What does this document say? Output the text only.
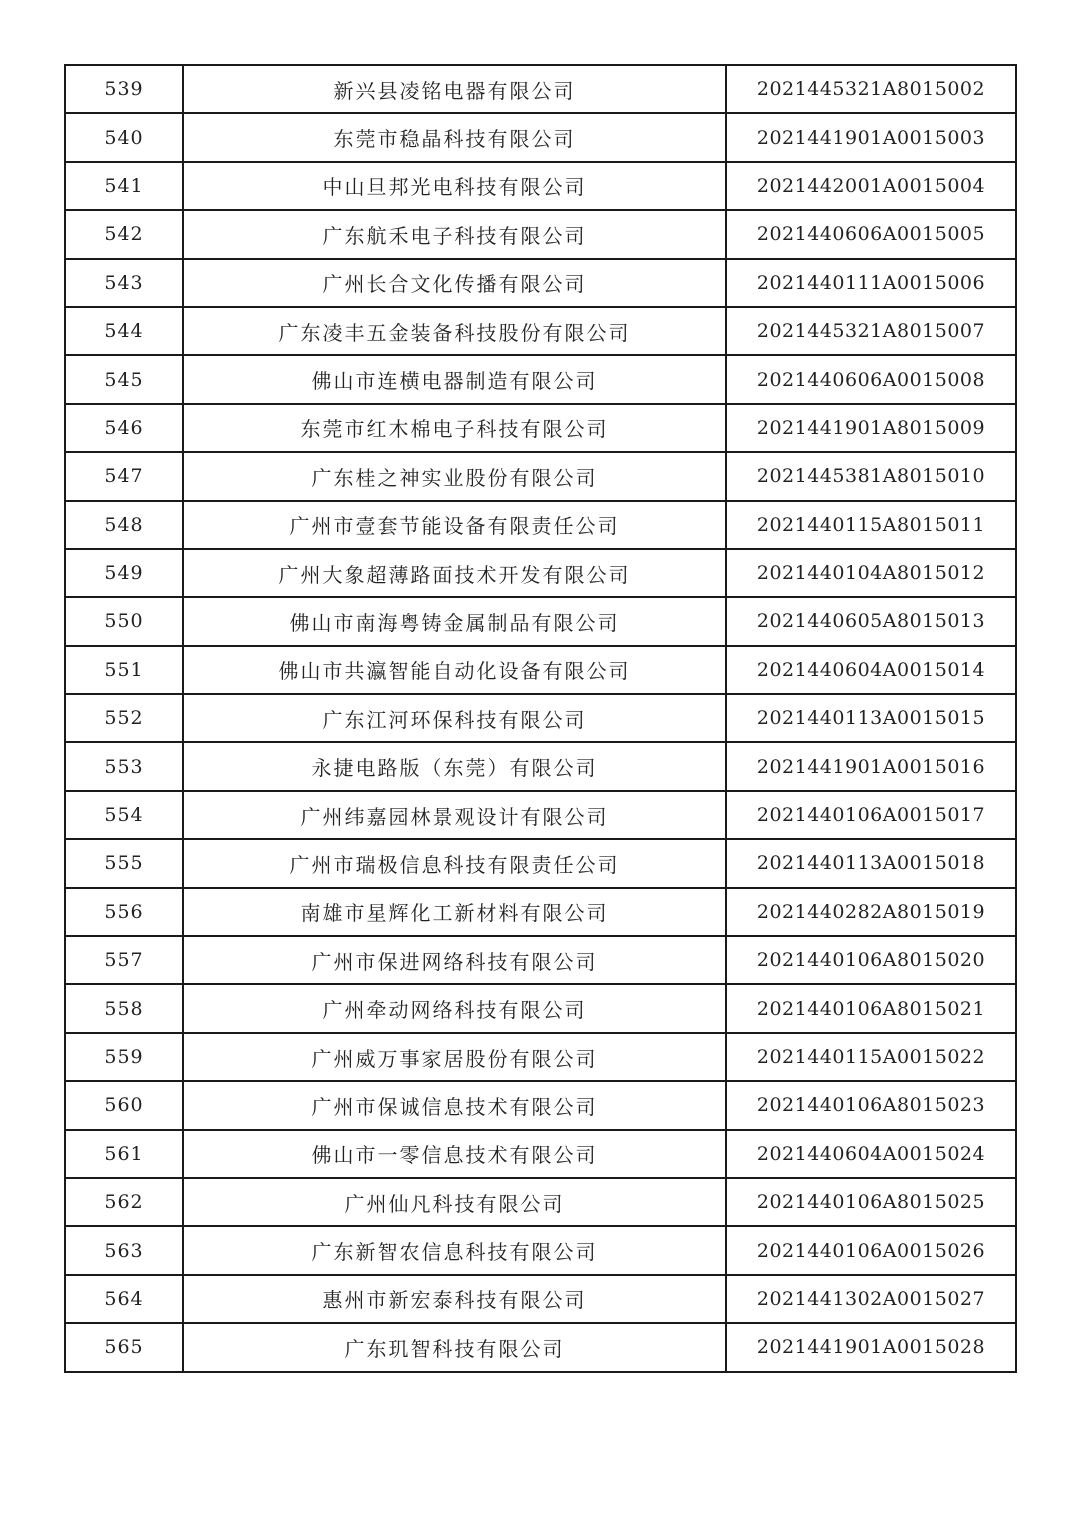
539	新兴县凌铭电器有限公司	2021445321A8015002
540	东莞市稳晶科技有限公司	2021441901A0015003
541	中山旦邦光电科技有限公司	2021442001A0015004
542	广东航禾电子科技有限公司	2021440606A0015005
543	广州长合文化传播有限公司	2021440111A0015006
544	广东凌丰五金装备科技股份有限公司	2021445321A8015007
545	佛山市连横电器制造有限公司	2021440606A0015008
546	东莞市红木棉电子科技有限公司	2021441901A8015009
547	广东桂之神实业股份有限公司	2021445381A8015010
548	广州市壹套节能设备有限责任公司	2021440115A8015011
549	广州大象超薄路面技术开发有限公司	2021440104A8015012
550	佛山市南海粤铸金属制品有限公司	2021440605A8015013
551	佛山市共瀛智能自动化设备有限公司	2021440604A0015014
552	广东江河环保科技有限公司	2021440113A0015015
553	永捷电路版（东莞）有限公司	2021441901A0015016
554	广州纬嘉园林景观设计有限公司	2021440106A0015017
555	广州市瑞极信息科技有限责任公司	2021440113A0015018
556	南雄市星辉化工新材料有限公司	2021440282A8015019
557	广州市保进网络科技有限公司	2021440106A8015020
558	广州牵动网络科技有限公司	2021440106A8015021
559	广州威万事家居股份有限公司	2021440115A0015022
560	广州市保诚信息技术有限公司	2021440106A8015023
561	佛山市一零信息技术有限公司	2021440604A0015024
562	广州仙凡科技有限公司	2021440106A8015025
563	广东新智农信息科技有限公司	2021440106A0015026
564	惠州市新宏泰科技有限公司	2021441302A0015027
565	广东玑智科技有限公司	2021441901A0015028
